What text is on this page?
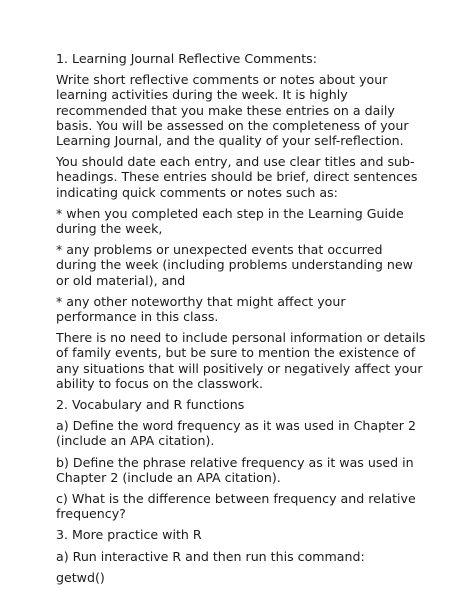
1. Learning Journal Reflective Comments:

Write short reflective comments or notes about your learning activities during the week. It is highly recommended that you make these entries on a daily basis. You will be assessed on the completeness of your Learning Journal, and the quality of your self-reflection.

You should date each entry, and use clear titles and sub-headings. These entries should be brief, direct sentences indicating quick comments or notes such as:

* when you completed each step in the Learning Guide during the week,

* any problems or unexpected events that occurred during the week (including problems understanding new or old material), and

* any other noteworthy that might affect your performance in this class.

There is no need to include personal information or details of family events, but be sure to mention the existence of any situations that will positively or negatively affect your ability to focus on the classwork.

2. Vocabulary and R functions

a) Define the word frequency as it was used in Chapter 2 (include an APA citation).

b) Define the phrase relative frequency as it was used in Chapter 2 (include an APA citation).

c) What is the difference between frequency and relative frequency?

3. More practice with R

a) Run interactive R and then run this command:

getwd()
